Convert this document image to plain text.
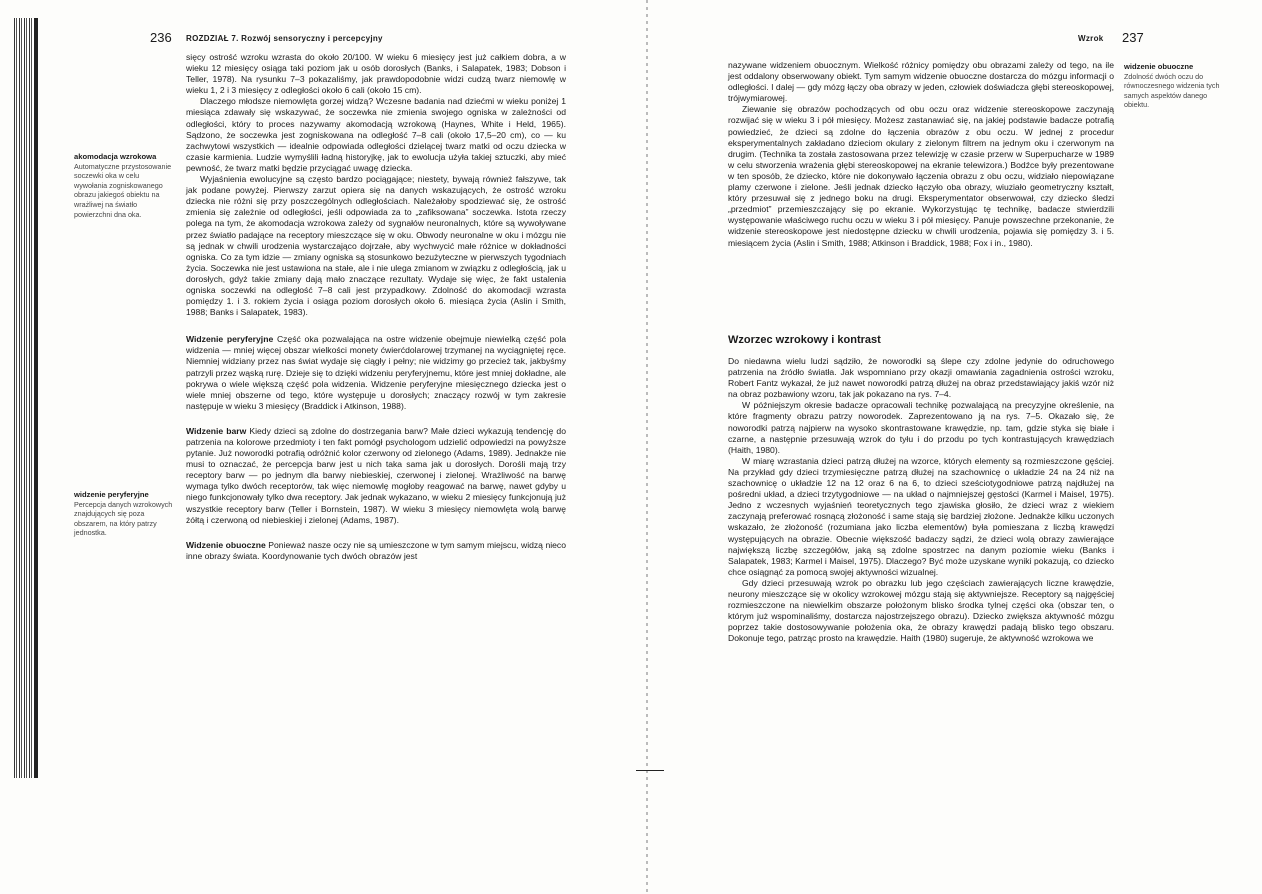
236 ROZDZIAŁ 7. Rozwój sensoryczny i percepcyjny
akomodacja wzrokowa
Automatyczne przystosowanie soczewki oka w celu wywołania zogniskowanego obrazu jakiegoś obiektu na wrażliwej na światło powierzchni dna oka.
widzenie peryferyjne
Percepcja danych wzrokowych znajdujących się poza obszarem, na który patrzy jednostka.

sięcy ostrość wzroku wzrasta do około 20/100. W wieku 6 miesięcy jest już całkiem dobra, a w wieku 12 miesięcy osiąga taki poziom jak u osób dorosłych (Banks, i Salapatek, 1983; Dobson i Teller, 1978). Na rysunku 7–3 pokazaliśmy, jak prawdopodobnie widzi cudzą twarz niemowlę w wieku 1, 2 i 3 miesięcy z odległości około 6 cali (około 15 cm).

Dlaczego młodsze niemowlęta gorzej widzą? Wczesne badania nad dziećmi w wieku poniżej 1 miesiąca zdawały się wskazywać, że soczewka nie zmienia swojego ogniska w zależności od odległości, który to proces nazywamy akomodacją wzrokową (Haynes, White i Held, 1965). Sądzono, że soczewka jest zogniskowana na odległość 7–8 cali (około 17,5–20 cm), co — ku zachwytowi wszystkich — idealnie odpowiada odległości dzielącej twarz matki od oczu dziecka w czasie karmienia. Ludzie wymyślili ładną historyjkę, jak to ewolucja użyła takiej sztuczki, aby mieć pewność, że twarz matki będzie przyciągać uwagę dziecka.

Wyjaśnienia ewolucyjne są często bardzo pociągające; niestety, bywają również fałszywe, tak jak podane powyżej. Pierwszy zarzut opiera się na danych wskazujących, że ostrość wzroku dziecka nie różni się przy poszczególnych odległościach. Należałoby spodziewać się, że ostrość zmienia się zależnie od odległości, jeśli odpowiada za to „zafiksowana” soczewka. Istota rzeczy polega na tym, że akomodacja wzrokowa zależy od sygnałów neuronalnych, które są wywoływane przez światło padające na receptory mieszczące się w oku. Obwody neuronalne w oku i mózgu nie są jednak w chwili urodzenia wystarczająco dojrzałe, aby wychwycić małe różnice w dokładności ogniska. Co za tym idzie — zmiany ogniska są stosunkowo bezużyteczne w pierwszych tygodniach życia. Soczewka nie jest ustawiona na stałe, ale i nie ulega zmianom w związku z odległością, jak u dorosłych, gdyż takie zmiany dają mało znaczące rezultaty. Wydaje się więc, że fakt ustalenia ogniska soczewki na odległość 7–8 cali jest przypadkowy. Zdolność do akomodacji wzrasta pomiędzy 1. i 3. rokiem życia i osiąga poziom dorosłych około 6. miesiąca życia (Aslin i Smith, 1988; Banks i Salapatek, 1983).

Widzenie peryferyjne Część oka pozwalająca na ostre widzenie obejmuje niewielką część pola widzenia — mniej więcej obszar wielkości monety ćwierćdolarowej trzymanej na wyciągniętej ręce. Niemniej widziany przez nas świat wydaje się ciągły i pełny; nie widzimy go przecież tak, jakbyśmy patrzyli przez wąską rurę. Dzieje się to dzięki widzeniu peryferyjnemu, które jest mniej dokładne, ale pokrywa o wiele większą część pola widzenia. Widzenie peryferyjne miesięcznego dziecka jest o wiele mniej obszerne od tego, które występuje u dorosłych; znaczący rozwój w tym zakresie następuje w wieku 3 miesięcy (Braddick i Atkinson, 1988).

Widzenie barw Kiedy dzieci są zdolne do dostrzegania barw? Małe dzieci wykazują tendencję do patrzenia na kolorowe przedmioty i ten fakt pomógł psychologom udzielić odpowiedzi na powyższe pytanie. Już noworodki potrafią odróżnić kolor czerwony od zielonego (Adams, 1989). Jednakże nie musi to oznaczać, że percepcja barw jest u nich taka sama jak u dorosłych. Dorośli mają trzy receptory barw — po jednym dla barwy niebieskiej, czerwonej i zielonej. Wrażliwość na barwę wymaga tylko dwóch receptorów, tak więc niemowlę mogłoby reagować na barwę, nawet gdyby u niego funkcjonowały tylko dwa receptory. Jak jednak wykazano, w wieku 2 miesięcy funkcjonują już wszystkie receptory barw (Teller i Bornstein, 1987). W wieku 3 miesięcy niemowlęta wolą barwę żółtą i czerwoną od niebieskiej i zielonej (Adams, 1987).

Widzenie obuoczne Ponieważ nasze oczy nie są umieszczone w tym samym miejscu, widzą nieco inne obrazy świata. Koordynowanie tych dwóch obrazów jest

Wzrok 237
widzenie obuoczne
Zdolność dwóch oczu do równoczesnego widzenia tych samych aspektów danego obiektu.

nazywane widzeniem obuocznym. Wielkość różnicy pomiędzy obu obrazami zależy od tego, na ile jest oddalony obserwowany obiekt. Tym samym widzenie obuoczne dostarcza do mózgu informacji o odległości. I dalej — gdy mózg łączy oba obrazy w jeden, człowiek doświadcza głębi stereoskopowej, trójwymiarowej.

Ziewanie się obrazów pochodzących od obu oczu oraz widzenie stereoskopowe zaczynają rozwijać się w wieku 3 i pół miesięcy. Możesz zastanawiać się, na jakiej podstawie badacze potrafią powiedzieć, że dzieci są zdolne do łączenia obrazów z obu oczu. W jednej z procedur eksperymentalnych zakładano dzieciom okulary z zielonym filtrem na jednym oku i czerwonym na drugim. (Technika ta została zastosowana przez telewizję w czasie przerw w Superpucharze w 1989 w celu stworzenia wrażenia głębi stereoskopowej na ekranie telewizora.) Bodźce były prezentowane w ten sposób, że dziecko, które nie dokonywało łączenia obrazu z obu oczu, widziało niepowiązane plamy czerwone i zielone. Jeśli jednak dziecko łączyło oba obrazy, wiuziało geometryczny kształt, który przesuwał się z jednego boku na drugi. Eksperymentator obserwował, czy dziecko śledzi „przedmiot” przemieszczający się po ekranie. Wykorzystując tę technikę, badacze stwierdzili występowanie właściwego ruchu oczu w wieku 3 i pół miesięcy. Panuje powszechne przekonanie, że widzenie stereoskopowe jest niedostępne dziecku w chwili urodzenia, pojawia się pomiędzy 3. i 5. miesiącem życia (Aslin i Smith, 1988; Atkinson i Braddick, 1988; Fox i in., 1980).

Wzorzec wzrokowy i kontrast

Do niedawna wielu ludzi sądziło, że noworodki są ślepe czy zdolne jedynie do odruchowego patrzenia na źródło światła. Jak wspomniano przy okazji omawiania zagadnienia ostrości wzroku, Robert Fantz wykazał, że już nawet noworodki patrzą dłużej na obraz przedstawiający jakiś wzór niż na obraz pozbawiony wzoru, tak jak pokazano na rys. 7–4.

W późniejszym okresie badacze opracowali technikę pozwalającą na precyzyjne określenie, na które fragmenty obrazu patrzy noworodek. Zaprezentowano ją na rys. 7–5. Okazało się, że noworodki patrzą najpierw na wysoko skontrastowane krawędzie, np. tam, gdzie styka się białe i czarne, a następnie przesuwają wzrok do tyłu i do przodu po tych kontrastujących krawędziach (Haith, 1980).

W miarę wzrastania dzieci patrzą dłużej na wzorce, których elementy są rozmieszczone gęściej. Na przykład gdy dzieci trzymiesięczne patrzą dłużej na szachownicę o układzie 24 na 24 niż na szachownicę o układzie 12 na 12 oraz 6 na 6, to dzieci sześciotygodniowe patrzą najdłużej na pośredni układ, a dzieci trzytygodniowe — na układ o najmniejszej gęstości (Karmel i Maisel, 1975). Jedno z wczesnych wyjaśnień teoretycznych tego zjawiska głosiło, że dzieci wraz z wiekiem zaczynają preferować rosnącą złożoność i same stają się bardziej złożone. Jednakże kilku uczonych wskazało, że złożoność (rozumiana jako liczba elementów) była pomieszana z liczbą krawędzi występujących na obrazie. Obecnie większość badaczy sądzi, że dzieci wolą obrazy zawierające największą liczbę szczegółów, jaką są zdolne spostrzec na danym poziomie wieku (Banks i Salapatek, 1983; Karmel i Maisel, 1975). Dlaczego? Być może uzyskane wyniki pokazują, co dziecko chce osiągnąć za pomocą swojej aktywności wizualnej.

Gdy dzieci przesuwają wzrok po obrazku lub jego częściach zawierających liczne krawędzie, neurony mieszczące się w okolicy wzrokowej mózgu stają się aktywniejsze. Receptory są najgęściej rozmieszczone na niewielkim obszarze położonym blisko środka tylnej części oka (obszar ten, o którym już wspominaliśmy, dostarcza najostrzejszego obrazu). Dziecko zwiększa aktywność mózgu poprzez takie dostosowywanie położenia oka, że obrazy krawędzi padają blisko tego obszaru. Dokonuje tego, patrząc prosto na krawędzie. Haith (1980) sugeruje, że aktywność wzrokowa we
